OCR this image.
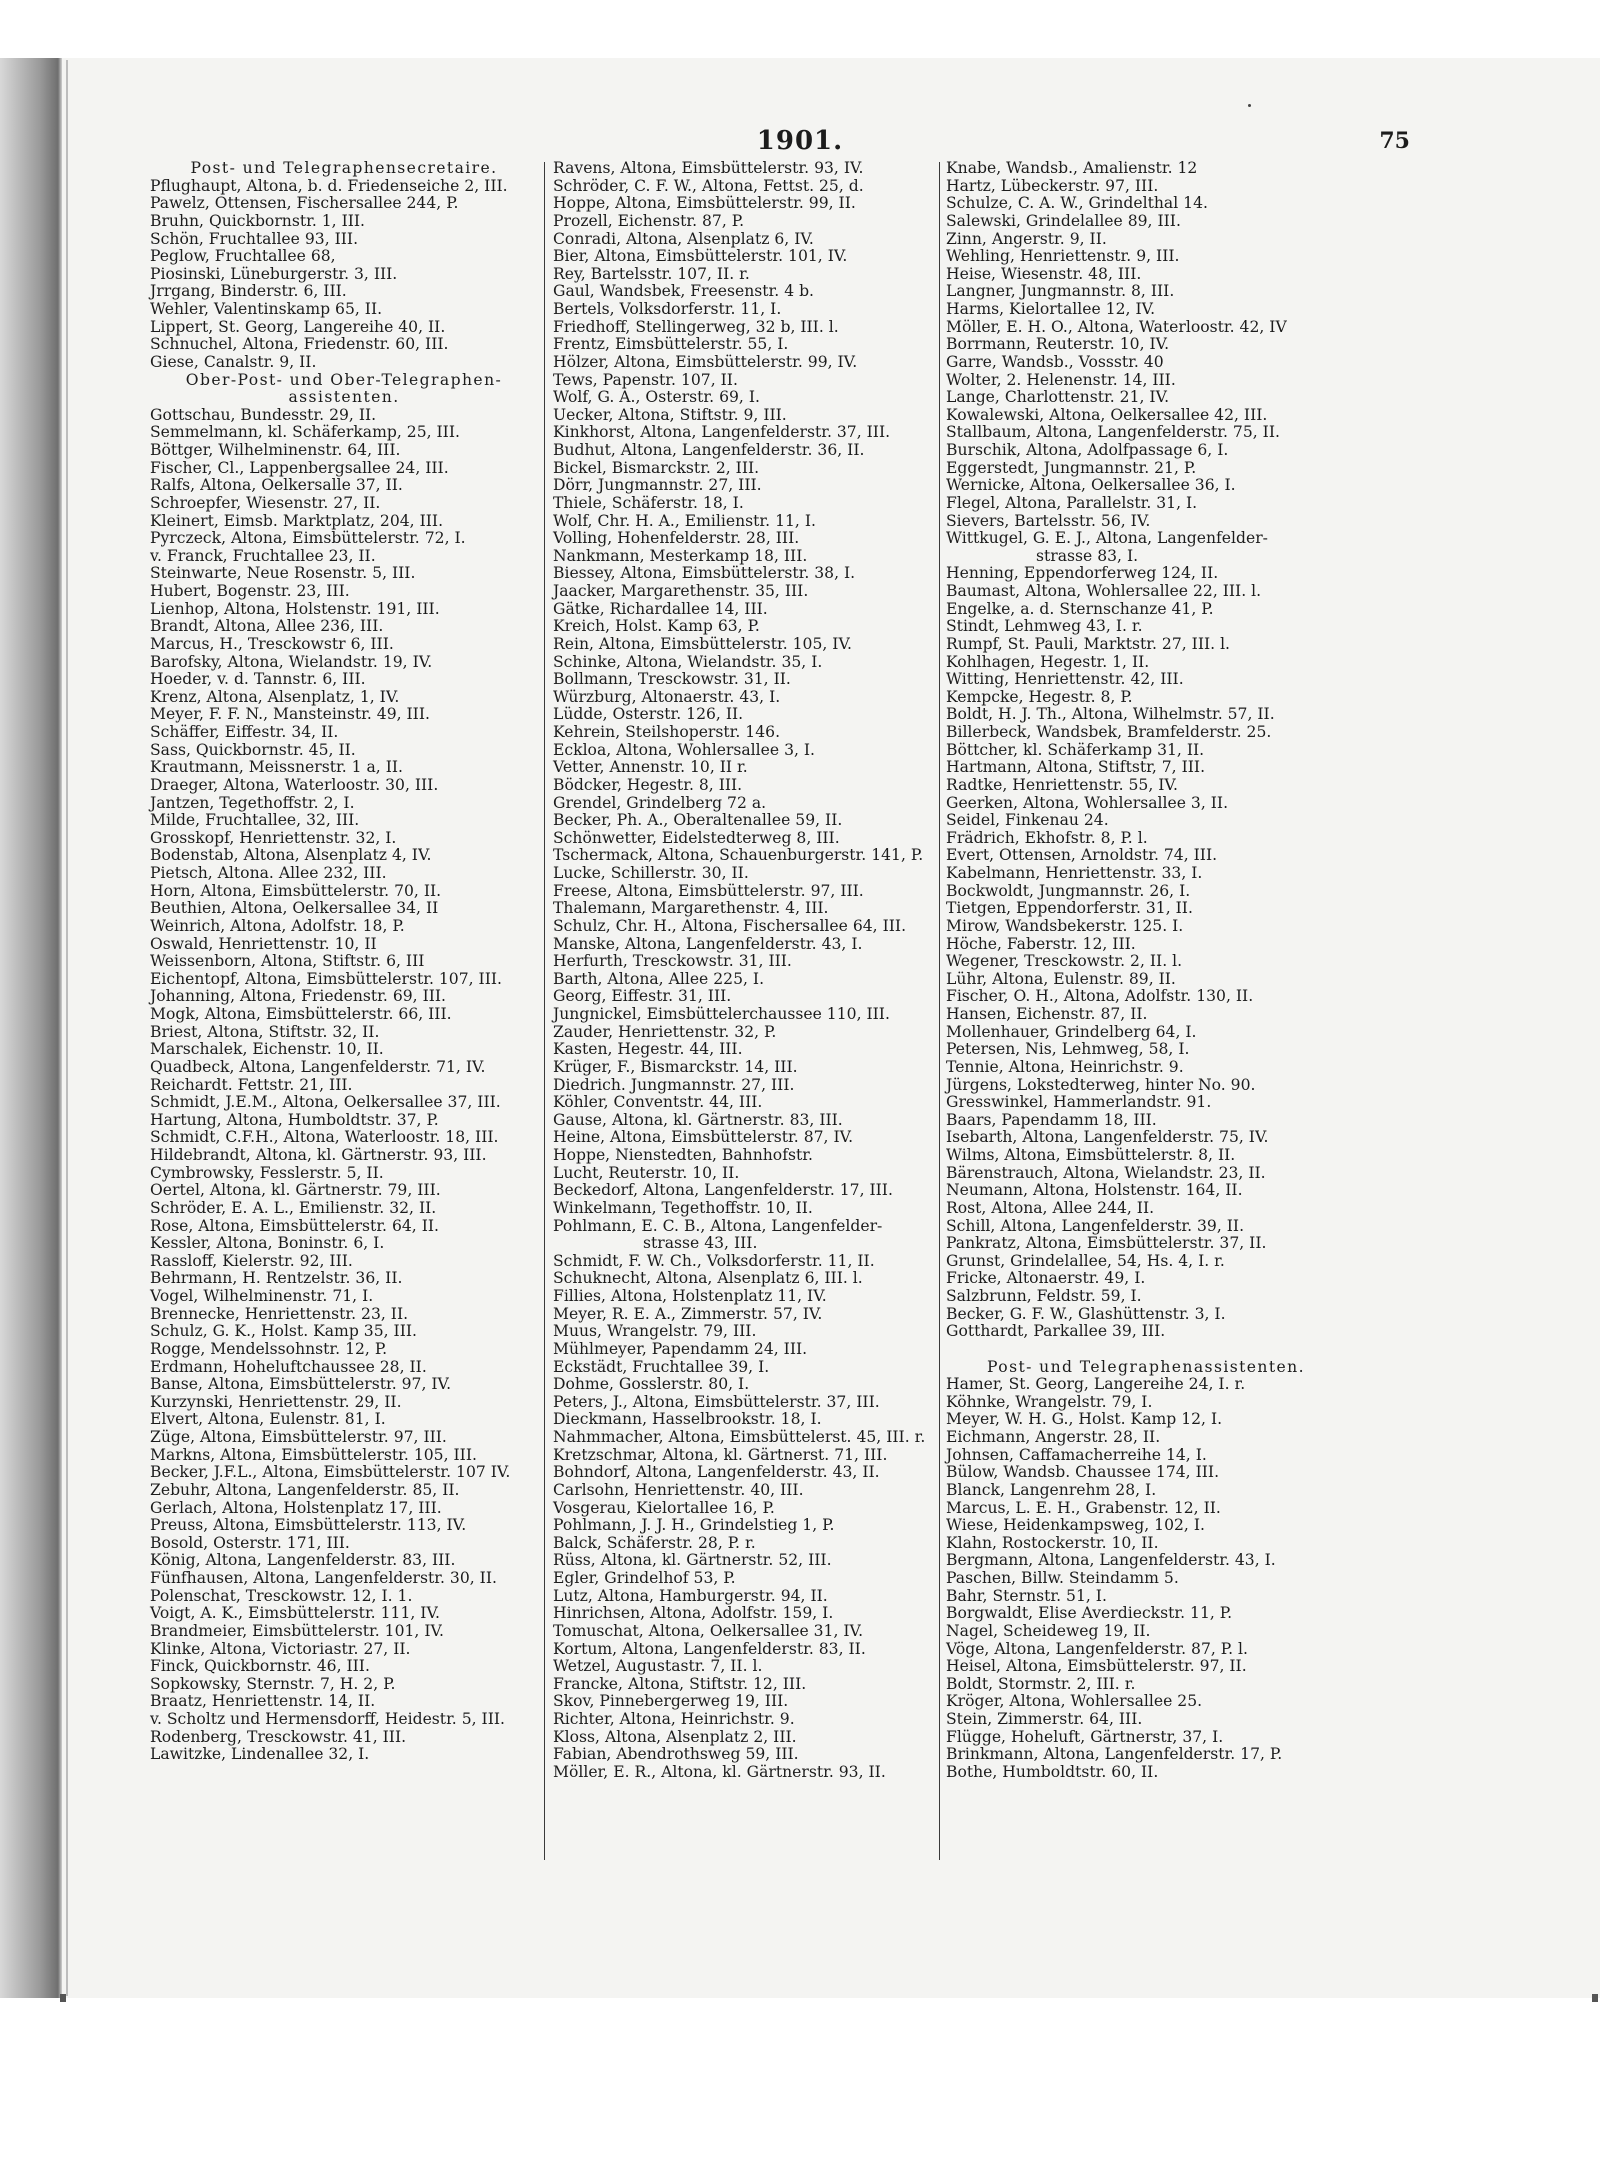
1901.	75
Post- und Telegraphensecretaire.
Pflughaupt, Altona, b. d. Friedenseiche 2, III.
Pawelz, Ottensen, Fischersallee 244, P.
Bruhn, Quickbornstr. 1, III.
Schön, Fruchtallee 93, III.
Peglow, Fruchtallee 68,
Piosinski, Lüneburgerstr. 3, III.
Jrrgang, Binderstr. 6, III.
Wehler, Valentinskamp 65, II.
Lippert, St. Georg, Langereihe 40, II.
Schnuchel, Altona, Friedenstr. 60, III.
Giese, Canalstr. 9, II.
Ober-Post- und Ober-Telegraphen-
assistenten.
Gottschau, Bundesstr. 29, II.
Semmelmann, kl. Schäferkamp, 25, III.
Böttger, Wilhelminenstr. 64, III.
Fischer, Cl., Lappenbergsallee 24, III.
Ralfs, Altona, Oelkersalle 37, II.
Schroepfer, Wiesenstr. 27, II.
Kleinert, Eimsb. Marktplatz, 204, III.
Pyrczeck, Altona, Eimsbüttelerstr. 72, I.
v. Franck, Fruchtallee 23, II.
Steinwarte, Neue Rosenstr. 5, III.
Hubert, Bogenstr. 23, III.
Lienhop, Altona, Holstenstr. 191, III.
Brandt, Altona, Allee 236, III.
Marcus, H., Tresckowstr 6, III.
Barofsky, Altona, Wielandstr. 19, IV.
Hoeder, v. d. Tannstr. 6, III.
Krenz, Altona, Alsenplatz, 1, IV.
Meyer, F. F. N., Mansteinstr. 49, III.
Schäffer, Eiffestr. 34, II.
Sass, Quickbornstr. 45, II.
Krautmann, Meissnerstr. 1 a, II.
Draeger, Altona, Waterloostr. 30, III.
Jantzen, Tegethoffstr. 2, I.
Milde, Fruchtallee, 32, III.
Grosskopf, Henriettenstr. 32, I.
Bodenstab, Altona, Alsenplatz 4, IV.
Pietsch, Altona. Allee 232, III.
Horn, Altona, Eimsbüttelerstr. 70, II.
Beuthien, Altona, Oelkersallee 34, II
Weinrich, Altona, Adolfstr. 18, P.
Oswald, Henriettenstr. 10, II
Weissenborn, Altona, Stiftstr. 6, III
Eichentopf, Altona, Eimsbüttelerstr. 107, III.
Johanning, Altona, Friedenstr. 69, III.
Mogk, Altona, Eimsbüttelerstr. 66, III.
Briest, Altona, Stiftstr. 32, II.
Marschalek, Eichenstr. 10, II.
Quadbeck, Altona, Langenfelderstr. 71, IV.
Reichardt. Fettstr. 21, III.
Schmidt, J.E.M., Altona, Oelkersallee 37, III.
Hartung, Altona, Humboldtstr. 37, P.
Schmidt, C.F.H., Altona, Waterloostr. 18, III.
Hildebrandt, Altona, kl. Gärtnerstr. 93, III.
Cymbrowsky, Fesslerstr. 5, II.
Oertel, Altona, kl. Gärtnerstr. 79, III.
Schröder, E. A. L., Emilienstr. 32, II.
Rose, Altona, Eimsbüttelerstr. 64, II.
Kessler, Altona, Boninstr. 6, I.
Rassloff, Kielerstr. 92, III.
Behrmann, H. Rentzelstr. 36, II.
Vogel, Wilhelminenstr. 71, I.
Brennecke, Henriettenstr. 23, II.
Schulz, G. K., Holst. Kamp 35, III.
Rogge, Mendelssohnstr. 12, P.
Erdmann, Hoheluftchaussee 28, II.
Banse, Altona, Eimsbüttelerstr. 97, IV.
Kurzynski, Henriettenstr. 29, II.
Elvert, Altona, Eulenstr. 81, I.
Züge, Altona, Eimsbüttelerstr. 97, III.
Markns, Altona, Eimsbüttelerstr. 105, III.
Becker, J.F.L., Altona, Eimsbüttelerstr. 107 IV.
Zebuhr, Altona, Langenfelderstr. 85, II.
Gerlach, Altona, Holstenplatz 17, III.
Preuss, Altona, Eimsbüttelerstr. 113, IV.
Bosold, Osterstr. 171, III.
König, Altona, Langenfelderstr. 83, III.
Fünfhausen, Altona, Langenfelderstr. 30, II.
Polenschat, Tresckowstr. 12, I. 1.
Voigt, A. K., Eimsbüttelerstr. 111, IV.
Brandmeier, Eimsbüttelerstr. 101, IV.
Klinke, Altona, Victoriastr. 27, II.
Finck, Quickbornstr. 46, III.
Sopkowsky, Sternstr. 7, H. 2, P.
Braatz, Henriettenstr. 14, II.
v. Scholtz und Hermensdorff, Heidestr. 5, III.
Rodenberg, Tresckowstr. 41, III.
Lawitzke, Lindenallee 32, I.
Ravens, Altona, Eimsbüttelerstr. 93, IV.
Schröder, C. F. W., Altona, Fettst. 25, d.
Hoppe, Altona, Eimsbüttelerstr. 99, II.
Prozell, Eichenstr. 87, P.
Conradi, Altona, Alsenplatz 6, IV.
Bier, Altona, Eimsbüttelerstr. 101, IV.
Rey, Bartelsstr. 107, II. r.
Gaul, Wandsbek, Freesenstr. 4 b.
Bertels, Volksdorferstr. 11, I.
Friedhoff, Stellingerweg, 32 b, III. l.
Frentz, Eimsbüttelerstr. 55, I.
Hölzer, Altona, Eimsbüttelerstr. 99, IV.
Tews, Papenstr. 107, II.
Wolf, G. A., Osterstr. 69, I.
Uecker, Altona, Stiftstr. 9, III.
Kinkhorst, Altona, Langenfelderstr. 37, III.
Budhut, Altona, Langenfelderstr. 36, II.
Bickel, Bismarckstr. 2, III.
Dörr, Jungmannstr. 27, III.
Thiele, Schäferstr. 18, I.
Wolf, Chr. H. A., Emilienstr. 11, I.
Volling, Hohenfelderstr. 28, III.
Nankmann, Mesterkamp 18, III.
Biessey, Altona, Eimsbüttelerstr. 38, I.
Jaacker, Margarethenstr. 35, III.
Gätke, Richardallee 14, III.
Kreich, Holst. Kamp 63, P.
Rein, Altona, Eimsbüttelerstr. 105, IV.
Schinke, Altona, Wielandstr. 35, I.
Bollmann, Tresckowstr. 31, II.
Würzburg, Altonaerstr. 43, I.
Lüdde, Osterstr. 126, II.
Kehrein, Steilshoperstr. 146.
Eckloa, Altona, Wohlersallee 3, I.
Vetter, Annenstr. 10, II r.
Bödcker, Hegestr. 8, III.
Grendel, Grindelberg 72 a.
Becker, Ph. A., Oberaltenallee 59, II.
Schönwetter, Eidelstedterweg 8, III.
Tschermack, Altona, Schauenburgerstr. 141, P.
Lucke, Schillerstr. 30, II.
Freese, Altona, Eimsbüttelerstr. 97, III.
Thalemann, Margarethenstr. 4, III.
Schulz, Chr. H., Altona, Fischersallee 64, III.
Manske, Altona, Langenfelderstr. 43, I.
Herfurth, Tresckowstr. 31, III.
Barth, Altona, Allee 225, I.
Georg, Eiffestr. 31, III.
Jungnickel, Eimsbüttelerchaussee 110, III.
Zauder, Henriettenstr. 32, P.
Kasten, Hegestr. 44, III.
Krüger, F., Bismarckstr. 14, III.
Diedrich. Jungmannstr. 27, III.
Köhler, Conventstr. 44, III.
Gause, Altona, kl. Gärtnerstr. 83, III.
Heine, Altona, Eimsbüttelerstr. 87, IV.
Hoppe, Nienstedten, Bahnhofstr.
Lucht, Reuterstr. 10, II.
Beckedorf, Altona, Langenfelderstr. 17, III.
Winkelmann, Tegethoffstr. 10, II.
Pohlmann, E. C. B., Altona, Langenfelder-
strasse 43, III.
Schmidt, F. W. Ch., Volksdorferstr. 11, II.
Schuknecht, Altona, Alsenplatz 6, III. l.
Fillies, Altona, Holstenplatz 11, IV.
Meyer, R. E. A., Zimmerstr. 57, IV.
Muus, Wrangelstr. 79, III.
Mühlmeyer, Papendamm 24, III.
Eckstädt, Fruchtallee 39, I.
Dohme, Gosslerstr. 80, I.
Peters, J., Altona, Eimsbüttelerstr. 37, III.
Dieckmann, Hasselbrookstr. 18, I.
Nahmmacher, Altona, Eimsbüttelerst. 45, III. r.
Kretzschmar, Altona, kl. Gärtnerst. 71, III.
Bohndorf, Altona, Langenfelderstr. 43, II.
Carlsohn, Henriettenstr. 40, III.
Vosgerau, Kielortallee 16, P.
Pohlmann, J. J. H., Grindelstieg 1, P.
Balck, Schäferstr. 28, P. r.
Rüss, Altona, kl. Gärtnerstr. 52, III.
Egler, Grindelhof 53, P.
Lutz, Altona, Hamburgerstr. 94, II.
Hinrichsen, Altona, Adolfstr. 159, I.
Tomuschat, Altona, Oelkersallee 31, IV.
Kortum, Altona, Langenfelderstr. 83, II.
Wetzel, Augustastr. 7, II. l.
Francke, Altona, Stiftstr. 12, III.
Skov, Pinnebergerweg 19, III.
Richter, Altona, Heinrichstr. 9.
Kloss, Altona, Alsenplatz 2, III.
Fabian, Abendrothsweg 59, III.
Möller, E. R., Altona, kl. Gärtnerstr. 93, II.
Knabe, Wandsb., Amalienstr. 12
Hartz, Lübeckerstr. 97, III.
Schulze, C. A. W., Grindelthal 14.
Salewski, Grindelallee 89, III.
Zinn, Angerstr. 9, II.
Wehling, Henriettenstr. 9, III.
Heise, Wiesenstr. 48, III.
Langner, Jungmannstr. 8, III.
Harms, Kielortallee 12, IV.
Möller, E. H. O., Altona, Waterloostr. 42, IV
Borrmann, Reuterstr. 10, IV.
Garre, Wandsb., Vossstr. 40
Wolter, 2. Helenenstr. 14, III.
Lange, Charlottenstr. 21, IV.
Kowalewski, Altona, Oelkersallee 42, III.
Stallbaum, Altona, Langenfelderstr. 75, II.
Burschik, Altona, Adolfpassage 6, I.
Eggerstedt, Jungmannstr. 21, P.
Wernicke, Altona, Oelkersallee 36, I.
Flegel, Altona, Parallelstr. 31, I.
Sievers, Bartelsstr. 56, IV.
Wittkugel, G. E. J., Altona, Langenfelder-
strasse 83, I.
Henning, Eppendorferweg 124, II.
Baumast, Altona, Wohlersallee 22, III. l.
Engelke, a. d. Sternschanze 41, P.
Stindt, Lehmweg 43, I. r.
Rumpf, St. Pauli, Marktstr. 27, III. l.
Kohlhagen, Hegestr. 1, II.
Witting, Henriettenstr. 42, III.
Kempcke, Hegestr. 8, P.
Boldt, H. J. Th., Altona, Wilhelmstr. 57, II.
Billerbeck, Wandsbek, Bramfelderstr. 25.
Böttcher, kl. Schäferkamp 31, II.
Hartmann, Altona, Stiftstr, 7, III.
Radtke, Henriettenstr. 55, IV.
Geerken, Altona, Wohlersallee 3, II.
Seidel, Finkenau 24.
Frädrich, Ekhofstr. 8, P. l.
Evert, Ottensen, Arnoldstr. 74, III.
Kabelmann, Henriettenstr. 33, I.
Bockwoldt, Jungmannstr. 26, I.
Tietgen, Eppendorferstr. 31, II.
Mirow, Wandsbekerstr. 125. I.
Höche, Faberstr. 12, III.
Wegener, Tresckowstr. 2, II. l.
Lühr, Altona, Eulenstr. 89, II.
Fischer, O. H., Altona, Adolfstr. 130, II.
Hansen, Eichenstr. 87, II.
Mollenhauer, Grindelberg 64, I.
Petersen, Nis, Lehmweg, 58, I.
Tennie, Altona, Heinrichstr. 9.
Jürgens, Lokstedterweg, hinter No. 90.
Gresswinkel, Hammerlandstr. 91.
Baars, Papendamm 18, III.
Isebarth, Altona, Langenfelderstr. 75, IV.
Wilms, Altona, Eimsbüttelerstr. 8, II.
Bärenstrauch, Altona, Wielandstr. 23, II.
Neumann, Altona, Holstenstr. 164, II.
Rost, Altona, Allee 244, II.
Schill, Altona, Langenfelderstr. 39, II.
Pankratz, Altona, Eimsbüttelerstr. 37, II.
Grunst, Grindelallee, 54, Hs. 4, I. r.
Fricke, Altonaerstr. 49, I.
Salzbrunn, Feldstr. 59, I.
Becker, G. F. W., Glashüttenstr. 3, I.
Gotthardt, Parkallee 39, III.

Post- und Telegraphenassistenten.
Hamer, St. Georg, Langereihe 24, I. r.
Köhnke, Wrangelstr. 79, I.
Meyer, W. H. G., Holst. Kamp 12, I.
Eichmann, Angerstr. 28, II.
Johnsen, Caffamacherreihe 14, I.
Bülow, Wandsb. Chaussee 174, III.
Blanck, Langenrehm 28, I.
Marcus, L. E. H., Grabenstr. 12, II.
Wiese, Heidenkampsweg, 102, I.
Klahn, Rostockerstr. 10, II.
Bergmann, Altona, Langenfelderstr. 43, I.
Paschen, Billw. Steindamm 5.
Bahr, Sternstr. 51, I.
Borgwaldt, Elise Averdieckstr. 11, P.
Nagel, Scheideweg 19, II.
Vöge, Altona, Langenfelderstr. 87, P. l.
Heisel, Altona, Eimsbüttelerstr. 97, II.
Boldt, Stormstr. 2, III. r.
Kröger, Altona, Wohlersallee 25.
Stein, Zimmerstr. 64, III.
Flügge, Hoheluft, Gärtnerstr, 37, I.
Brinkmann, Altona, Langenfelderstr. 17, P.
Bothe, Humboldtstr. 60, II.
